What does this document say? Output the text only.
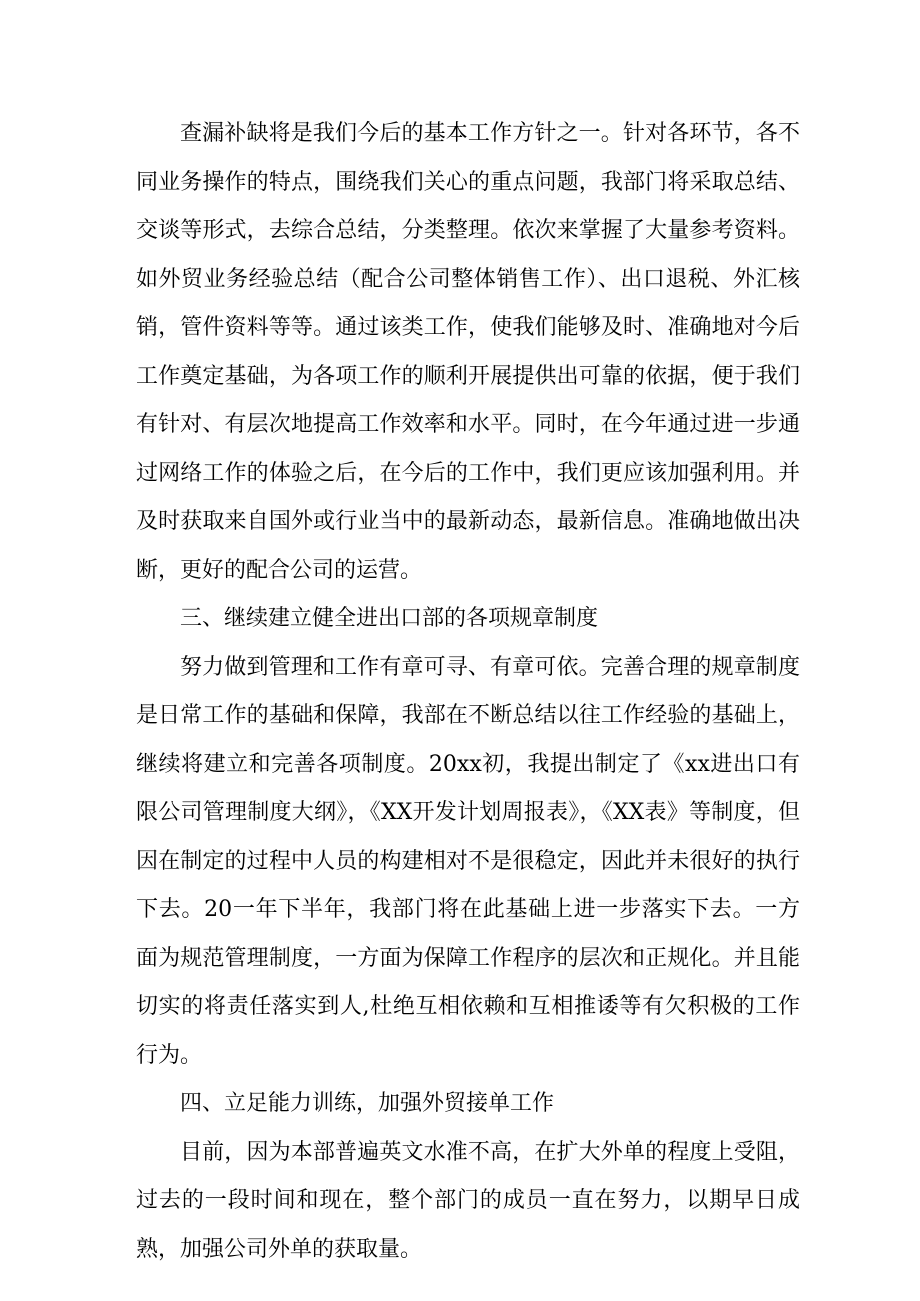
查漏补缺将是我们今后的基本工作方针之一。针对各环节，各不同业务操作的特点，围绕我们关心的重点问题，我部门将采取总结、交谈等形式，去综合总结，分类整理。依次来掌握了大量参考资料。如外贸业务经验总结（配合公司整体销售工作）、出口退税、外汇核销，管件资料等等。通过该类工作，使我们能够及时、准确地对今后工作奠定基础，为各项工作的顺利开展提供出可靠的依据，便于我们有针对、有层次地提高工作效率和水平。同时，在今年通过进一步通过网络工作的体验之后，在今后的工作中，我们更应该加强利用。并及时获取来自国外或行业当中的最新动态，最新信息。准确地做出决断，更好的配合公司的运营。

三、继续建立健全进出口部的各项规章制度

努力做到管理和工作有章可寻、有章可依。完善合理的规章制度是日常工作的基础和保障，我部在不断总结以往工作经验的基础上，继续将建立和完善各项制度。20xx初，我提出制定了《xx进出口有限公司管理制度大纲》，《XX开发计划周报表》，《XX表》等制度，但因在制定的过程中人员的构建相对不是很稳定，因此并未很好的执行下去。20一年下半年，我部门将在此基础上进一步落实下去。一方面为规范管理制度，一方面为保障工作程序的层次和正规化。并且能切实的将责任落实到人,杜绝互相依赖和互相推诿等有欠积极的工作行为。

四、立足能力训练，加强外贸接单工作

目前，因为本部普遍英文水准不高，在扩大外单的程度上受阻，过去的一段时间和现在，整个部门的成员一直在努力，以期早日成熟，加强公司外单的获取量。
